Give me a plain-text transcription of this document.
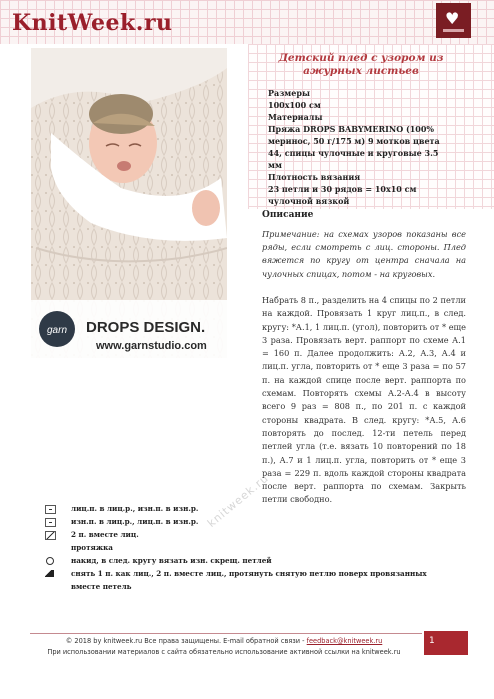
KnitWeek.ru	♥
garn DROPS DESIGN.
www.garnstudio.com
Детский плед с узором из ажурных листьев
Размеры
100x100 см
Материалы
Пряжа DROPS BABYMERINO (100% меринос, 50 г/175 м) 9 мотков цвета 44, спицы чулочные и круговые 3.5 мм
Плотность вязания
23 петли и 30 рядов = 10х10 см чулочной вязкой
Описание
Примечание: на схемах узоров показаны все ряды, если смотреть с лиц. стороны. Плед вяжется по кругу от центра сначала на чулочных спицах, потом - на круговых.
Набрать 8 п., разделить на 4 спицы по 2 петли на каждой. Провязать 1 круг лиц.п., в след. кругу: *А.1, 1 лиц.п. (угол), повторить от * еще 3 раза. Провязать верт. раппорт по схеме А.1 = 160 п. Далее продолжить: А.2, А.3, А.4 и лиц.п. угла, повторить от * еще 3 раза = по 57 п. на каждой спице после верт. раппорта по схемам. Повторять схемы А.2-А.4 в высоту всего 9 раз = 808 п., по 201 п. с каждой стороны квадрата. В след. кругу: *А.5, А.6 повторять до послед. 12-ти петель перед петлей угла (т.е. вязать 10 повторений по 18 п.), А.7 и 1 лиц.п. угла, повторить от * еще 3 раза = 229 п. вдоль каждой стороны квадрата после верт. раппорта по схемам. Закрыть петли свободно.
лиц.п. в лиц.р., изн.п. в изн.р.
изн.п. в лиц.р., лиц.п. в изн.р.
2 п. вместе лиц.
протяжка
накид, в след. кругу вязать изн. скрещ. петлей
снять 1 п. как лиц., 2 п. вместе лиц., протянуть снятую петлю поверх провязанных вместе петель
knitweek.ru
© 2018 by knitweek.ru Все права защищены. E-mail обратной связи - feedback@knitweek.ru
При использовании материалов с сайта обязательно использование активной ссылки на knitweek.ru
1
